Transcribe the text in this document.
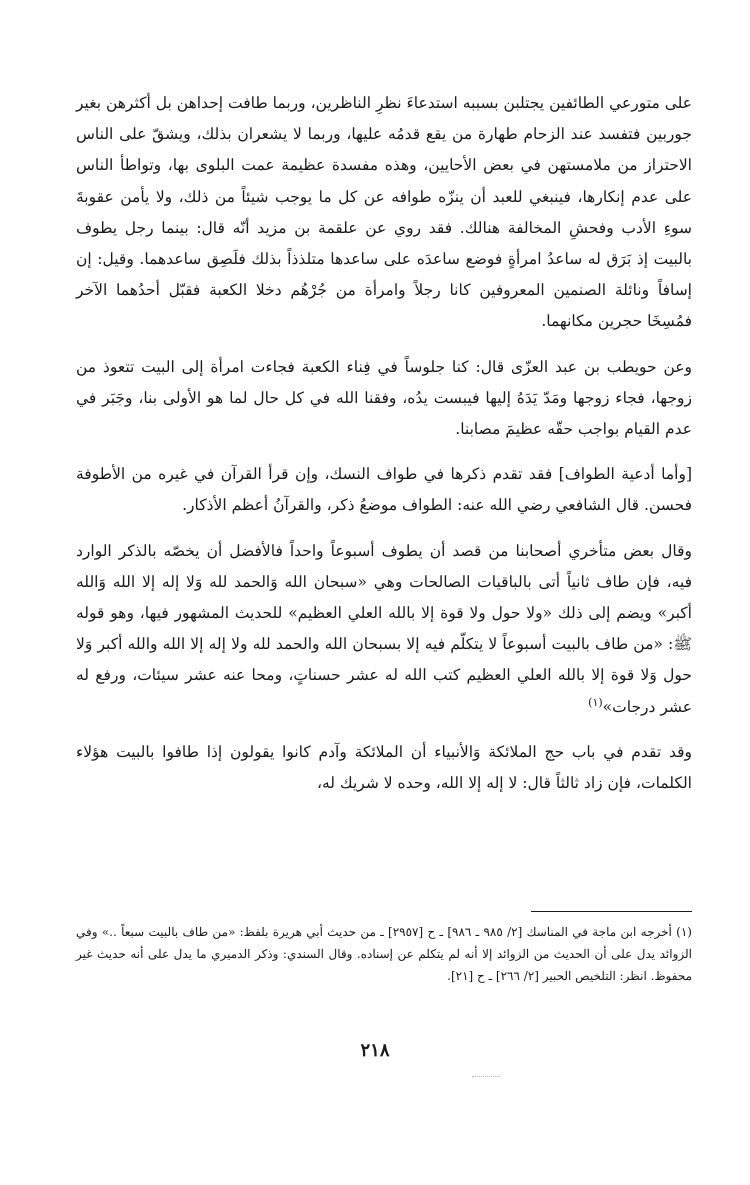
على متورعي الطائفين يجتلبن بسببه استدعاءَ نظرِ الناظرين، وربما طافت إحداهن بل أكثرهن بغير جوربين فتفسد عند الزحام طهارة من يقع قدمُه عليها، وربما لا يشعران بذلك، ويشقّ على الناس الاحتراز من ملامستهن في بعض الأحايين، وهذه مفسدة عظيمة عمت البلوى بها، وتواطأ الناس على عدم إنكارها، فينبغي للعبد أن ينزّه طوافه عن كل ما يوجب شيئاً من ذلك، ولا يأمن عقوبةَ سوءِ الأدب وفحشِ المخالفة هنالك. فقد روي عن علقمة بن مزيد أنّه قال: بينما رجل يطوف بالبيت إذ بَرَق له ساعدُ امرأةٍ فوضع ساعدَه على ساعدها متلذذاً بذلك فلَصِق ساعدهما. وقيل: إن إسافاً ونائلة الصنمين المعروفين كانا رجلاً وامرأة من جُرْهُم دخلا الكعبة فقبّل أحدُهما الآخر فمُسِخَا حجرين مكانهما.

وعن حويطب بن عبد العزّى قال: كنا جلوساً في فِناء الكعبة فجاءت امرأة إلى البيت تتعوذ من زوجها، فجاء زوجها ومَدّ يَدَهُ إليها فيبست يدُه، وفقنا الله في كل حال لما هو الأولى بنا، وجَبَر في عدم القيام بواجب حقّه عظيمَ مصابنا.

[وأما أدعية الطواف] فقد تقدم ذكرها في طواف النسك، وإن قرأ القرآن في غيره من الأطوفة فحسن. قال الشافعي رضي الله عنه: الطواف موضعُ ذكر، والقرآنُ أعظم الأذكار.

وقال بعض متأخري أصحابنا من قصد أن يطوف أسبوعاً واحداً فالأفضل أن يخصّه بالذكر الوارد فيه، فإن طاف ثانياً أتى بالباقيات الصالحات وهي «سبحان الله وَالحمد لله وَلا إله إلا الله وَالله أكبر» ويضم إلى ذلك «ولا حول ولا قوة إلا بالله العلي العظيم» للحديث المشهور فيها، وهو قوله ﷺ: «من طاف بالبيت أسبوعاً لا يتكلّم فيه إلا بسبحان الله والحمد لله ولا إله إلا الله والله أكبر وَلا حول وَلا قوة إلا بالله العلي العظيم كتب الله له عشر حسناتٍ، ومحا عنه عشر سيئات، ورفع له عشر درجات»$^{(١)}$

وقد تقدم في باب حج الملائكة وَالأنبياء أن الملائكة وآدم كانوا يقولون إذا طافوا بالبيت هؤلاء الكلمات، فإن زاد ثالثاً قال: لا إله إلا الله، وحده لا شريك له،

(١) أخرجه ابن ماجة في المناسك [٢/ ٩٨٥ ـ ٩٨٦] ـ ح [٢٩٥٧] ـ من حديث أبي هريرة بلفظ: «من طاف بالبيت سبعاً ..» وفي الزوائد يدل على أن الحديث من الزوائد إلا أنه لم يتكلم عن إسناده. وقال السندي: وذكر الدميري ما يدل على أنه حديث غير محفوظ. انظر: التلخيص الحبير [٢/ ٢٦٦] ـ ح [٢١].

٢١٨
